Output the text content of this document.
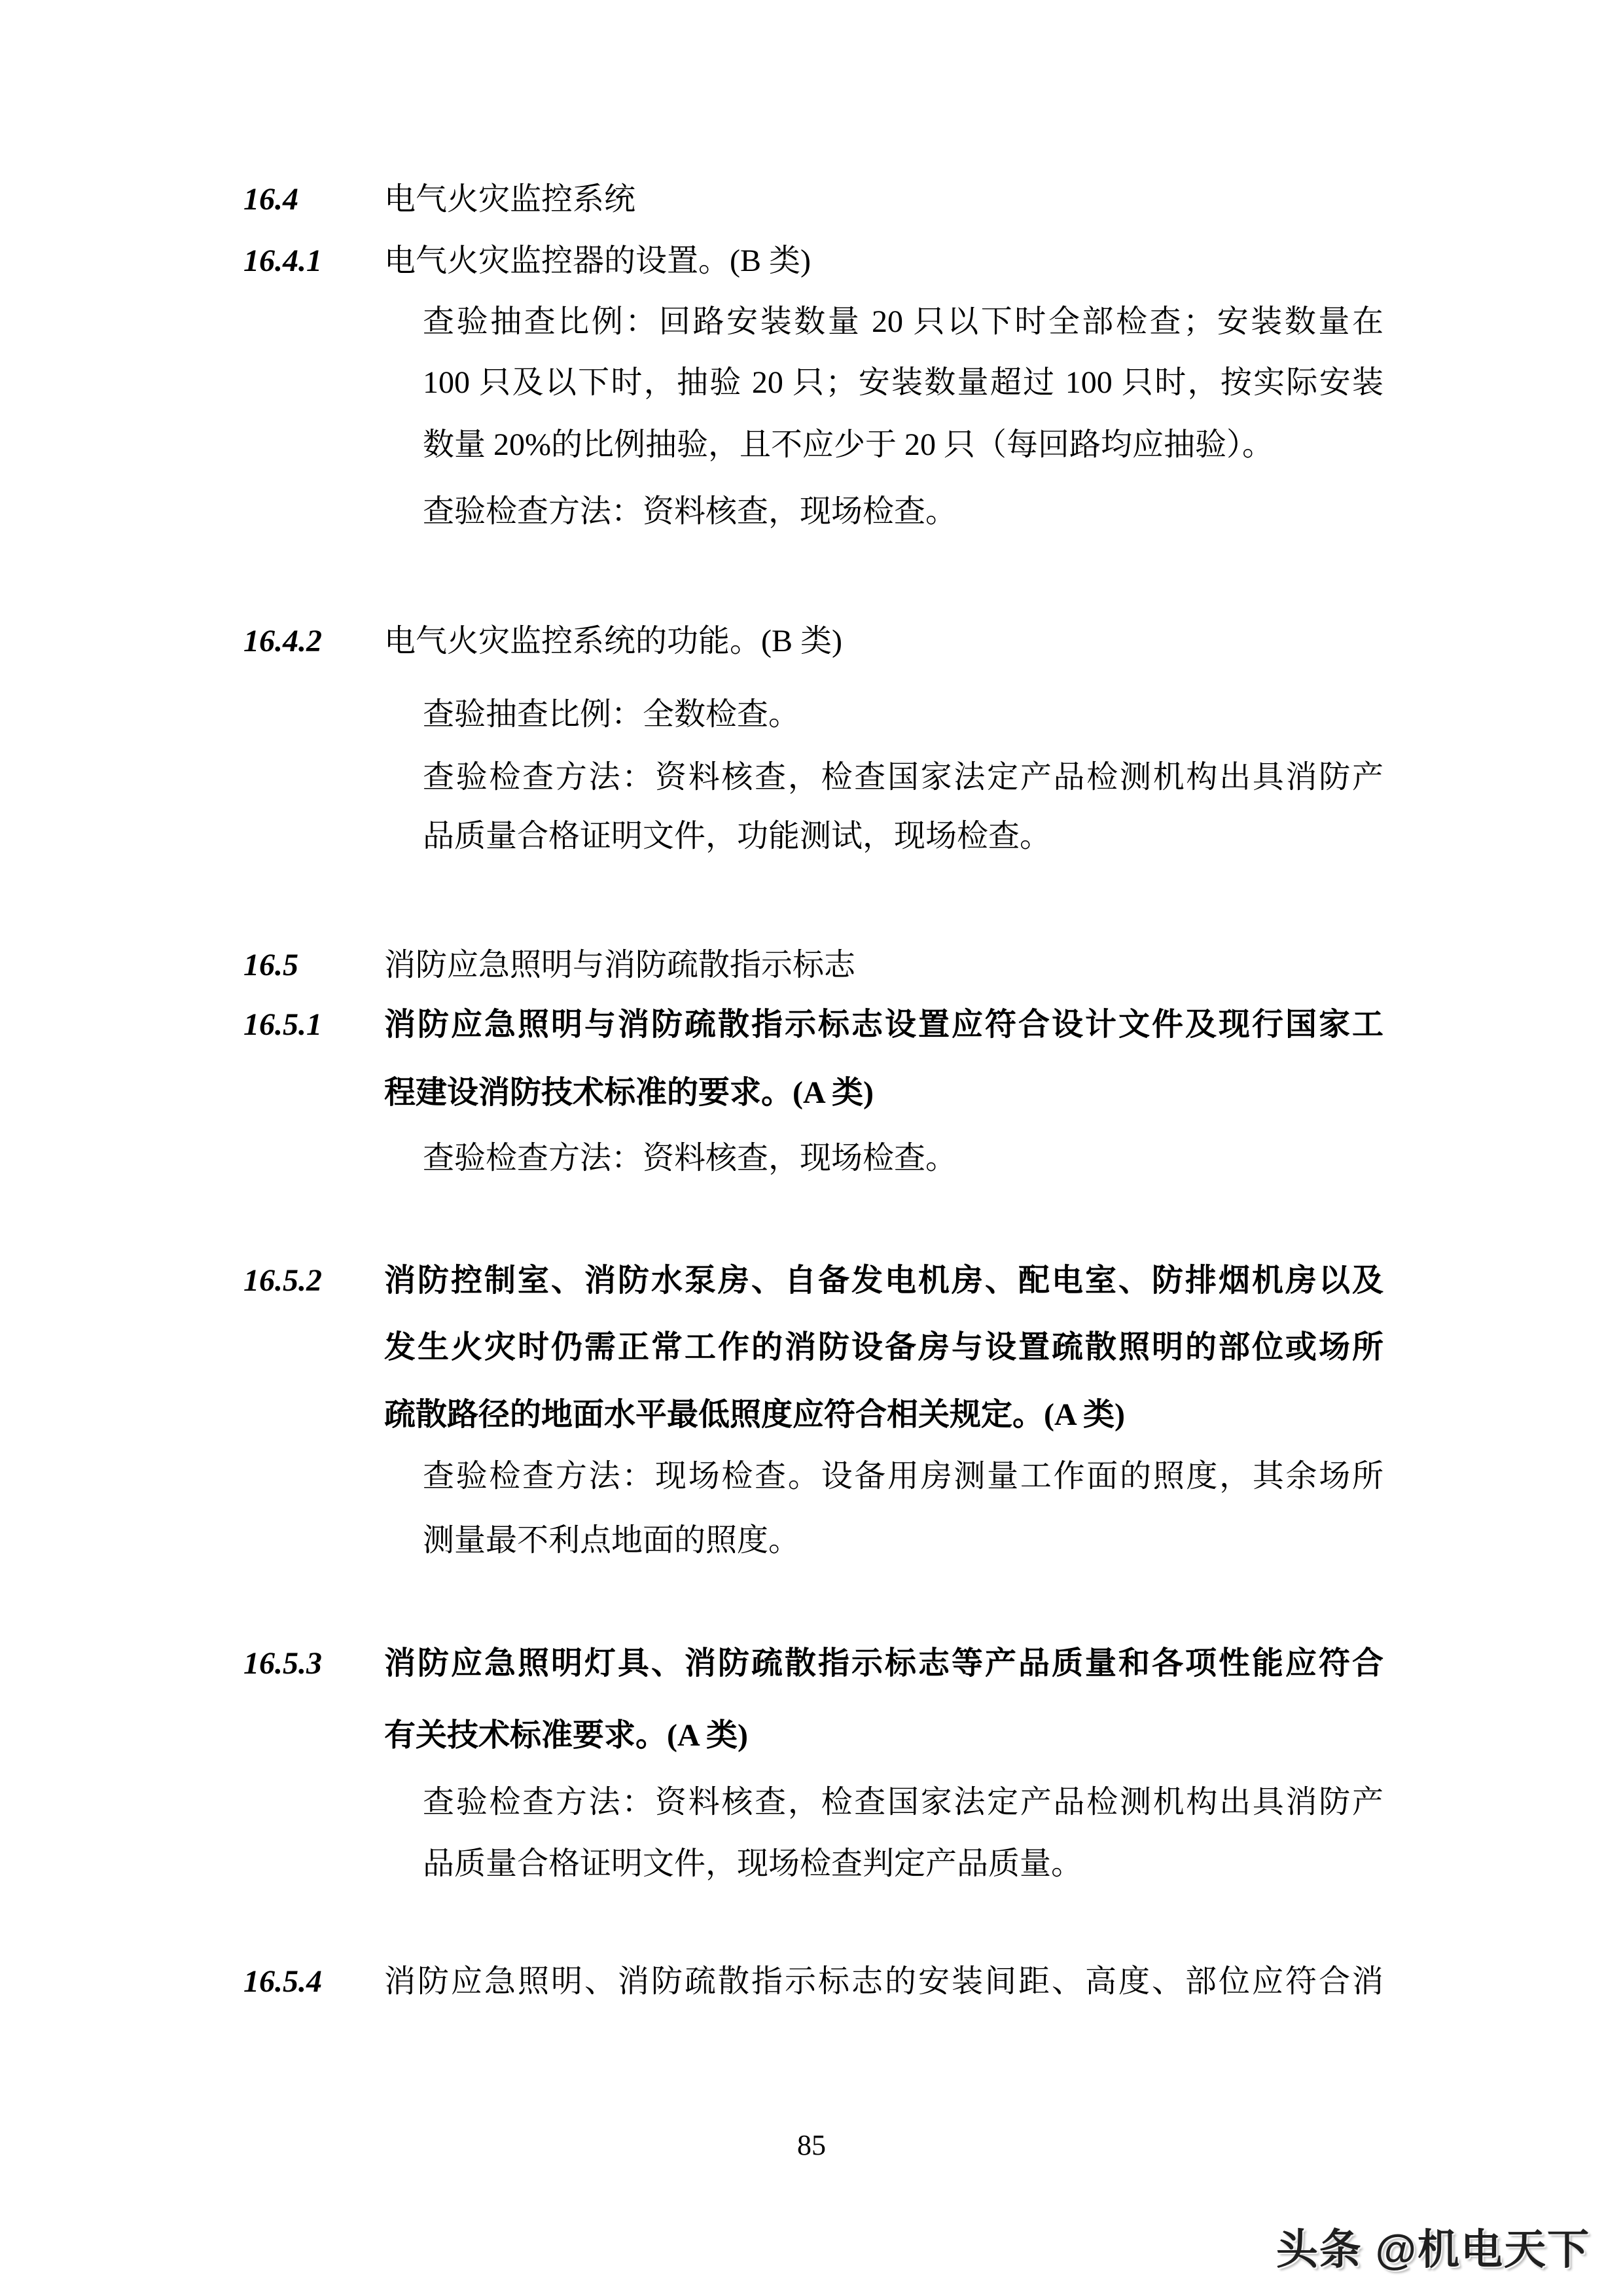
16.4	电气火灾监控系统
16.4.1 电气火灾监控器的设置。(B 类)
查验抽查比例：回路安装数量 20 只以下时全部检查；安装数量在
100 只及以下时，抽验 20 只；安装数量超过 100 只时，按实际安装
数量 20%的比例抽验，且不应少于 20 只（每回路均应抽验）。
查验检查方法：资料核查，现场检查。
16.4.2 电气火灾监控系统的功能。(B 类)
查验抽查比例：全数检查。
查验检查方法：资料核查，检查国家法定产品检测机构出具消防产
品质量合格证明文件，功能测试，现场检查。
16.5	消防应急照明与消防疏散指示标志
16.5.1 消防应急照明与消防疏散指示标志设置应符合设计文件及现行国家工
程建设消防技术标准的要求。(A 类)
查验检查方法：资料核查，现场检查。
16.5.2 消防控制室、消防水泵房、自备发电机房、配电室、防排烟机房以及
发生火灾时仍需正常工作的消防设备房与设置疏散照明的部位或场所
疏散路径的地面水平最低照度应符合相关规定。(A 类)
查验检查方法：现场检查。设备用房测量工作面的照度，其余场所
测量最不利点地面的照度。
16.5.3 消防应急照明灯具、消防疏散指示标志等产品质量和各项性能应符合
有关技术标准要求。(A 类)
查验检查方法：资料核查，检查国家法定产品检测机构出具消防产
品质量合格证明文件，现场检查判定产品质量。
16.5.4 消防应急照明、消防疏散指示标志的安装间距、高度、部位应符合消
85
头条 @机电天下
